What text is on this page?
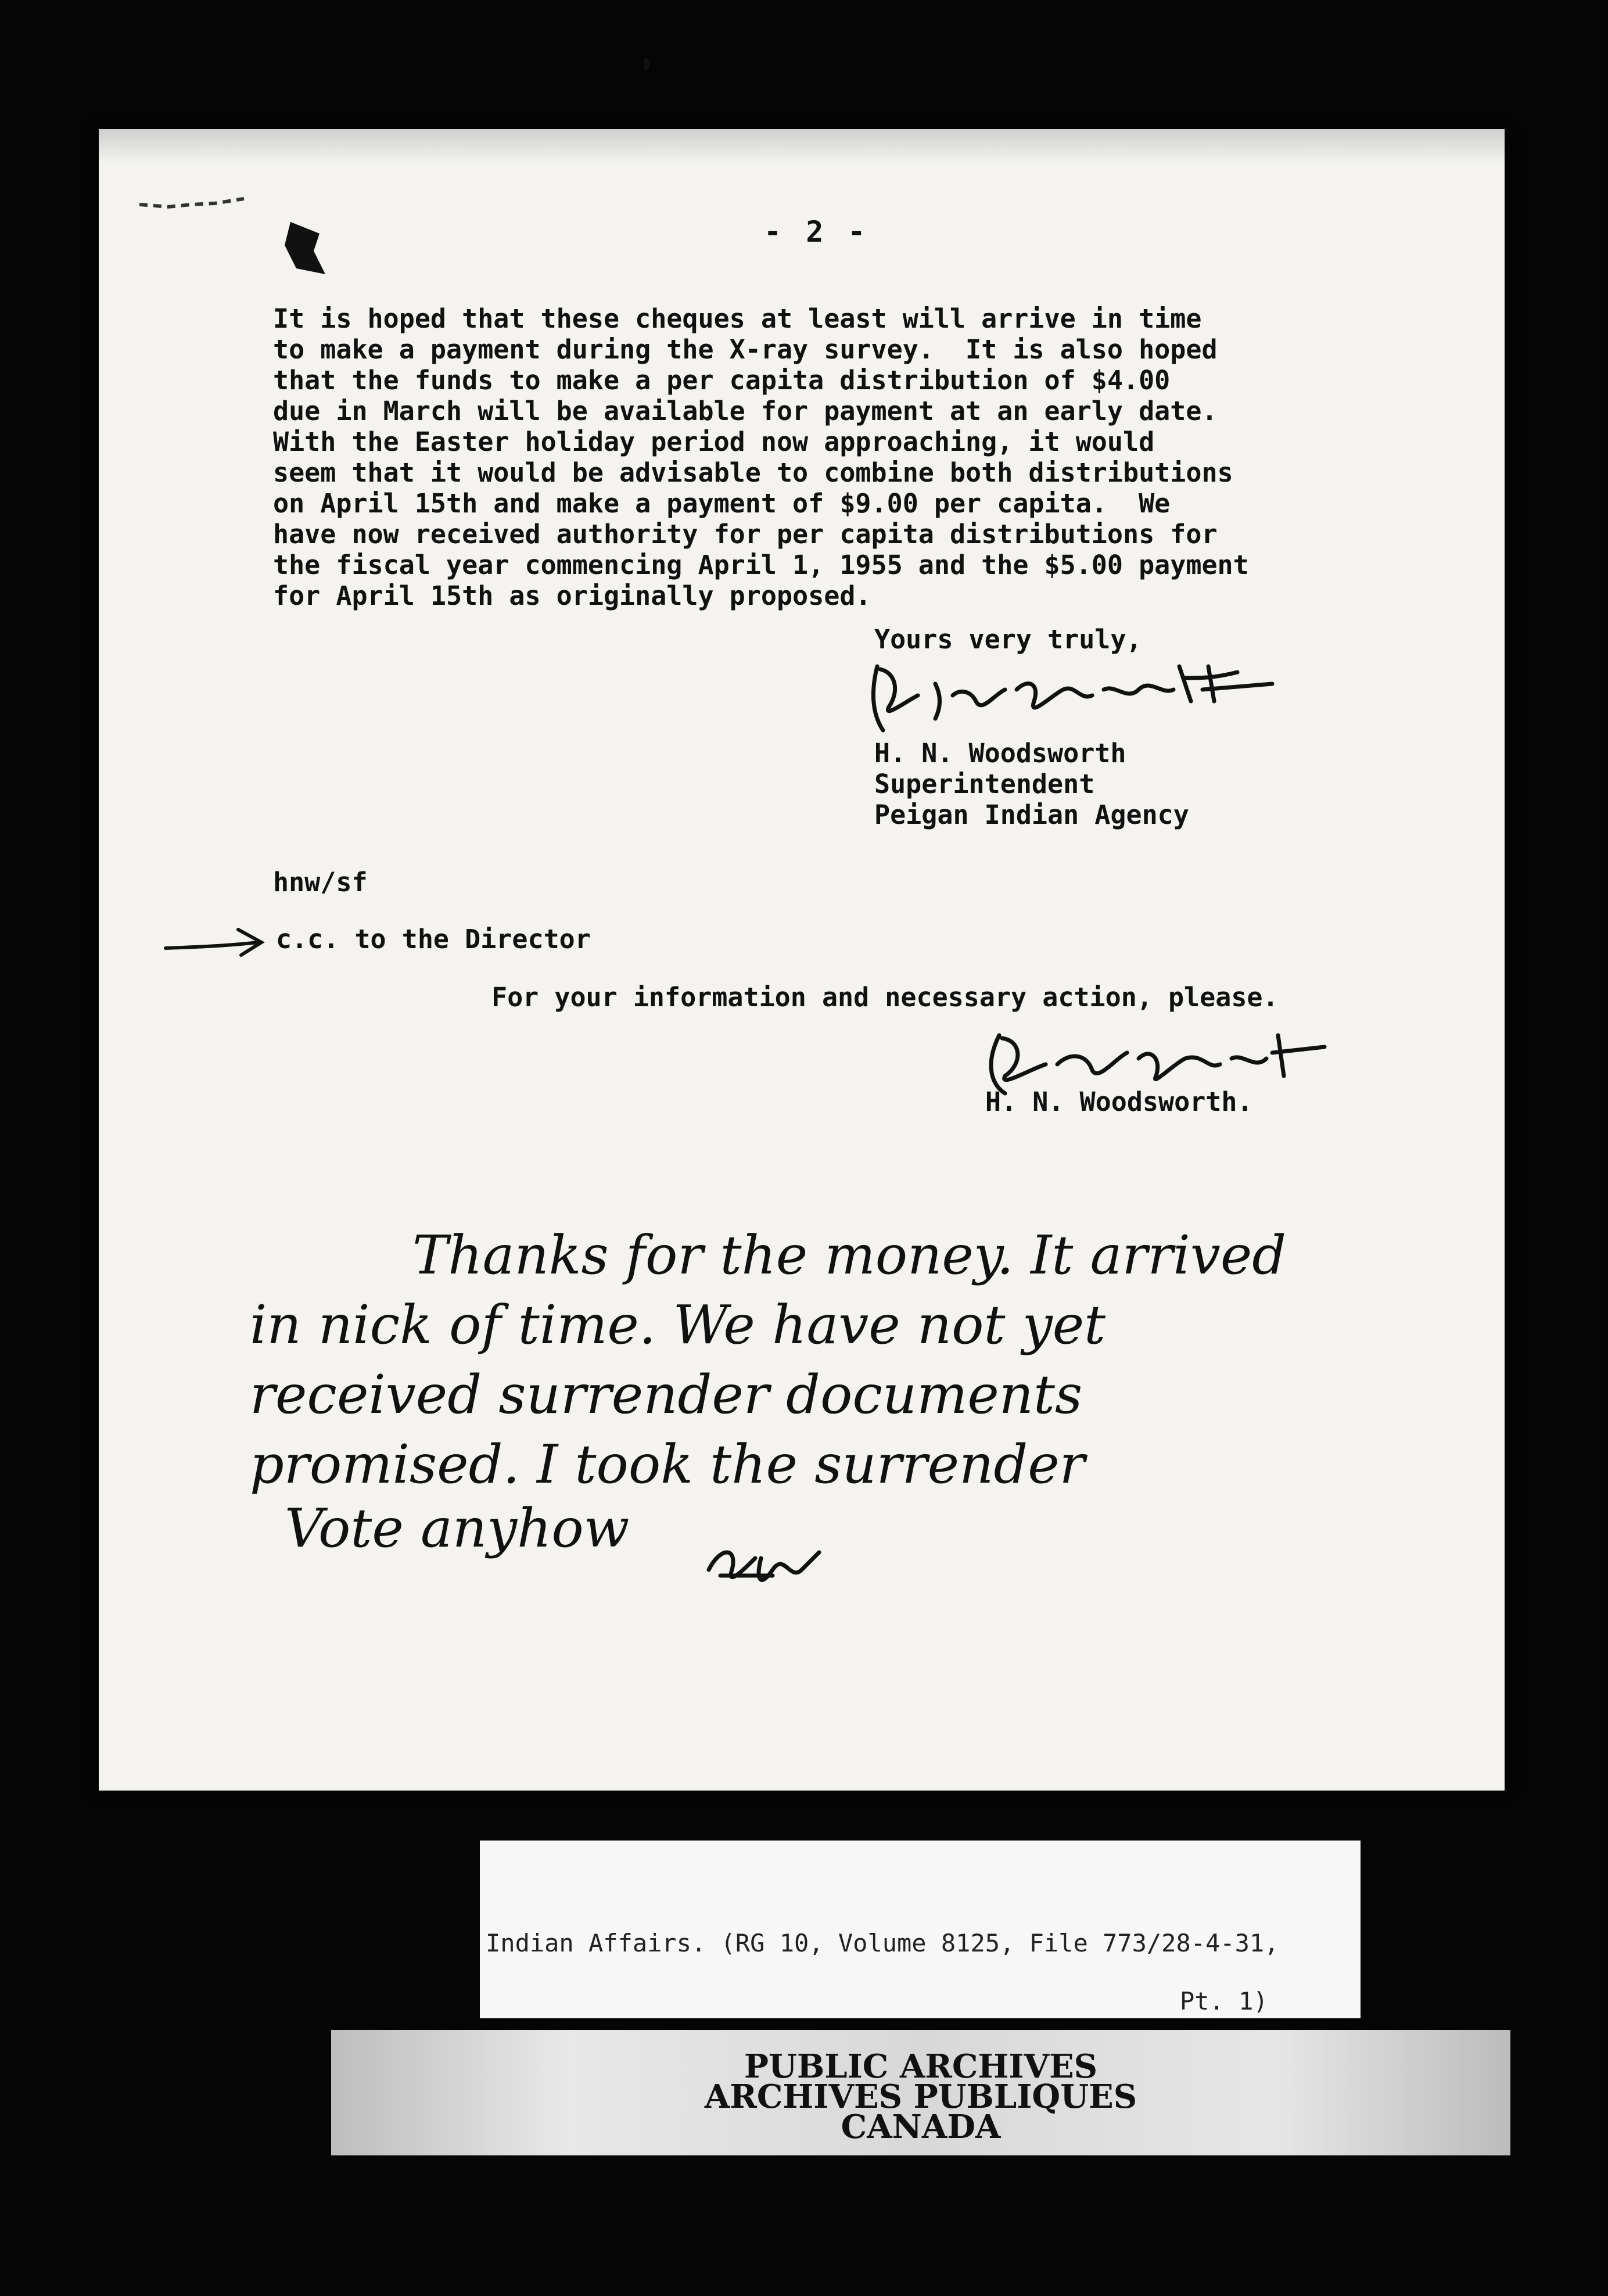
- 2 -
It is hoped that these cheques at least will arrive in time
to make a payment during the X-ray survey.  It is also hoped
that the funds to make a per capita distribution of $4.00
due in March will be available for payment at an early date.
With the Easter holiday period now approaching, it would
seem that it would be advisable to combine both distributions
on April 15th and make a payment of $9.00 per capita.  We
have now received authority for per capita distributions for
the fiscal year commencing April 1, 1955 and the $5.00 payment
for April 15th as originally proposed.
Yours very truly,
H. N. Woodsworth
Superintendent
Peigan Indian Agency
hnw/sf
c.c. to the Director
For your information and necessary action, please.
H. N. Woodsworth.
Thanks for the money. It arrived
in nick of time. We have not yet
received surrender documents
promised. I took the surrender
Vote anyhow
Indian Affairs. (RG 10, Volume 8125, File 773/28-4-31,
Pt. 1)
PUBLIC ARCHIVES
ARCHIVES PUBLIQUES
CANADA
